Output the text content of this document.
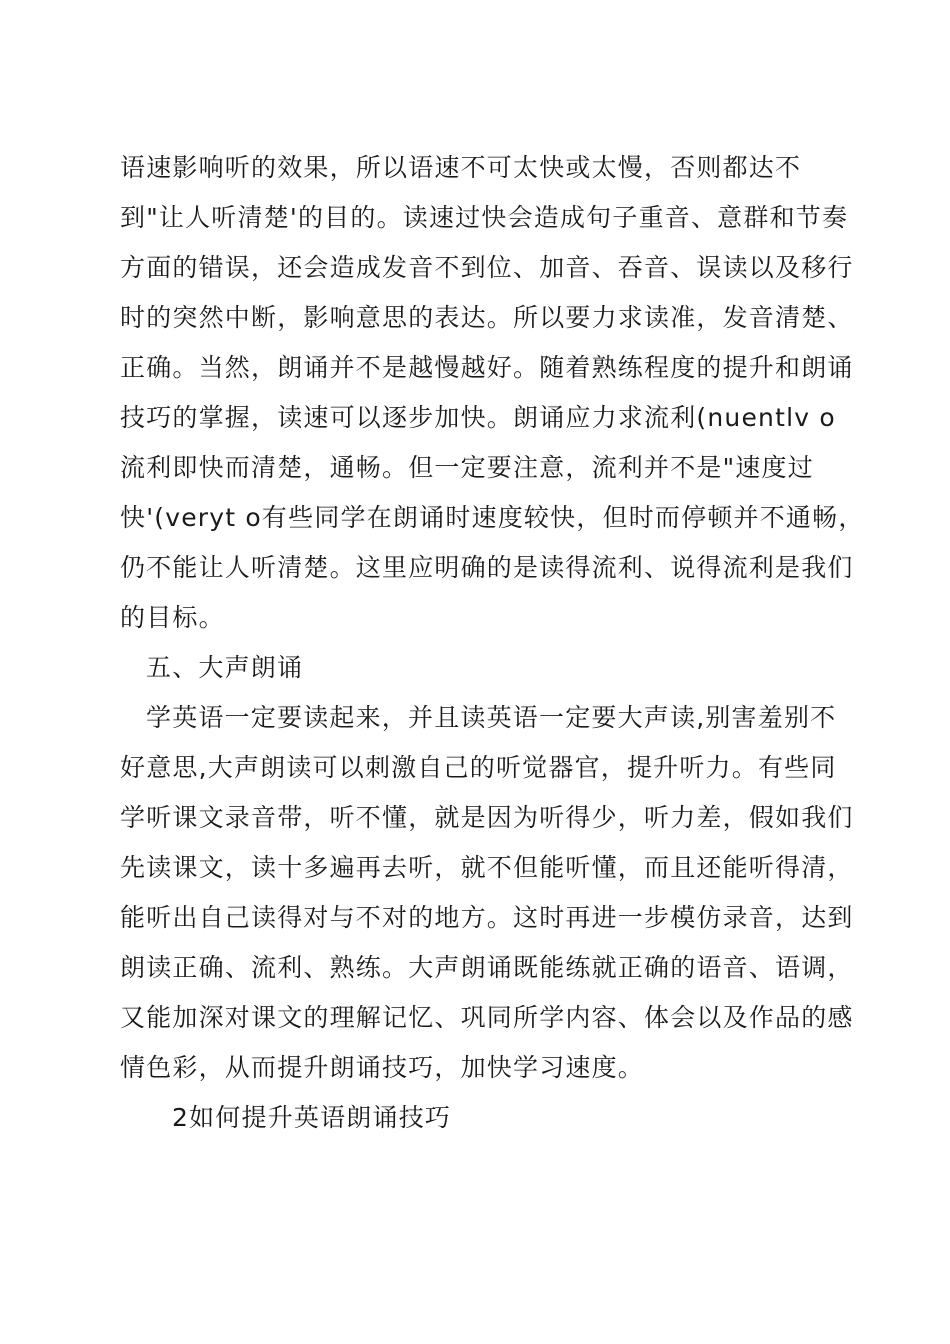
语速影响听的效果，所以语速不可太快或太慢，否则都达不
到"让人听清楚'的目的。读速过快会造成句子重音、意群和节奏
方面的错误，还会造成发音不到位、加音、吞音、误读以及移行
时的突然中断，影响意思的表达。所以要力求读准，发音清楚、
正确。当然，朗诵并不是越慢越好。随着熟练程度的提升和朗诵
技巧的掌握，读速可以逐步加快。朗诵应力求流利(nuentlv o
流利即快而清楚，通畅。但一定要注意，流利并不是"速度过
快'(veryt o有些同学在朗诵时速度较快，但时而停顿并不通畅，
仍不能让人听清楚。这里应明确的是读得流利、说得流利是我们
的目标。
五、大声朗诵
学英语一定要读起来，并且读英语一定要大声读,别害羞别不
好意思,大声朗读可以刺激自己的听觉器官，提升听力。有些同
学听课文录音带，听不懂，就是因为听得少，听力差，假如我们
先读课文，读十多遍再去听，就不但能听懂，而且还能听得清，
能听出自己读得对与不对的地方。这时再进一步模仿录音，达到
朗读正确、流利、熟练。大声朗诵既能练就正确的语音、语调，
又能加深对课文的理解记忆、巩同所学内容、体会以及作品的感
情色彩，从而提升朗诵技巧，加快学习速度。
2如何提升英语朗诵技巧
